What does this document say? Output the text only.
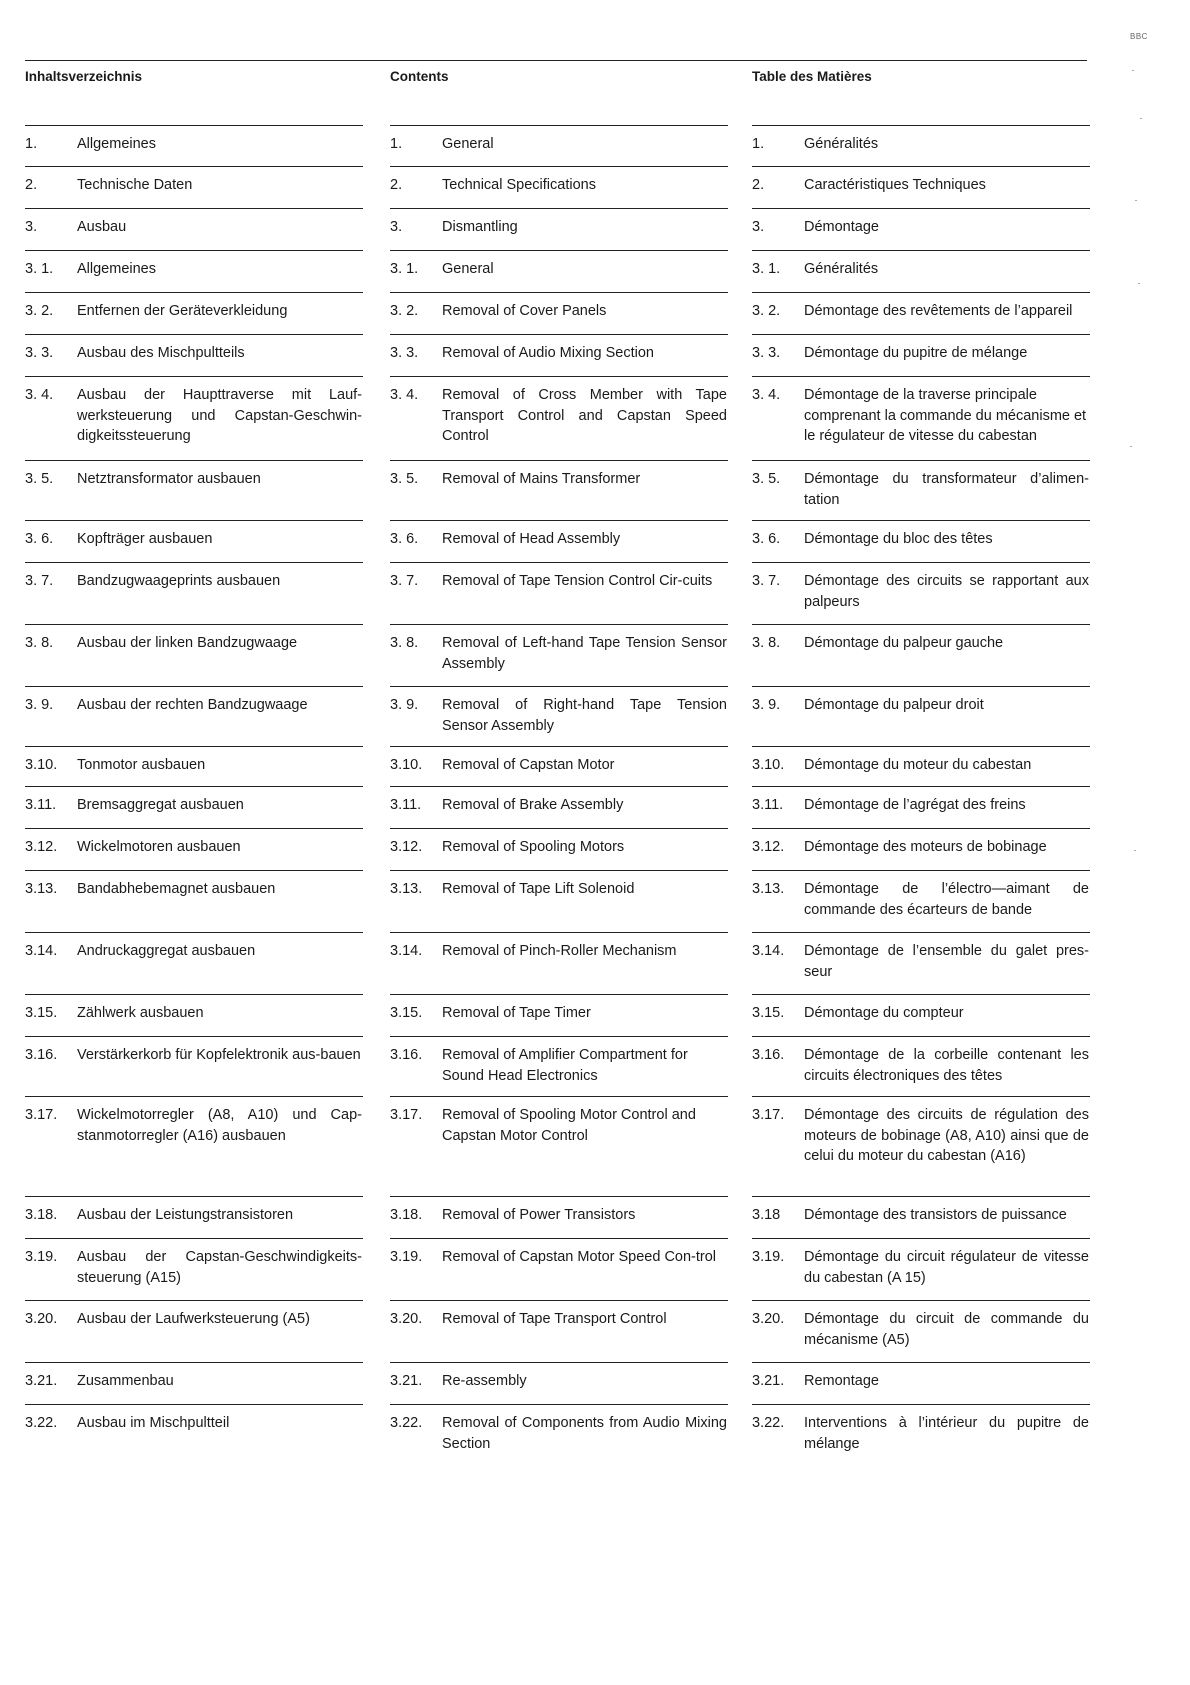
BBC
Inhaltsverzeichnis
1.	Allgemeines
2.	Technische Daten
3.	Ausbau
3. 1.	Allgemeines
3. 2.	Entfernen der Geräteverkleidung
3. 3.	Ausbau des Mischpultteils
3. 4.	Ausbau der Haupttraverse mit Lauf-werksteuerung und Capstan-Geschwin-digkeitssteuerung
3. 5.	Netztransformator ausbauen
3. 6.	Kopfträger ausbauen
3. 7.	Bandzugwaageprints ausbauen
3. 8.	Ausbau der linken Bandzugwaage
3. 9.	Ausbau der rechten Bandzugwaage
3.10.	Tonmotor ausbauen
3.11.	Bremsaggregat ausbauen
3.12.	Wickelmotoren ausbauen
3.13.	Bandabhebemagnet ausbauen
3.14.	Andruckaggregat ausbauen
3.15.	Zählwerk ausbauen
3.16.	Verstärkerkorb für Kopfelektronik aus-bauen
3.17.	Wickelmotorregler (A8, A10) und Cap-stanmotorregler (A16) ausbauen
3.18.	Ausbau der Leistungstransistoren
3.19.	Ausbau der Capstan-Geschwindigkeits-steuerung (A15)
3.20.	Ausbau der Laufwerksteuerung (A5)
3.21.	Zusammenbau
3.22.	Ausbau im Mischpultteil
Contents
1.	General
2.	Technical Specifications
3.	Dismantling
3. 1.	General
3. 2.	Removal of Cover Panels
3. 3.	Removal of Audio Mixing Section
3. 4.	Removal of Cross Member with Tape Transport Control and Capstan Speed Control
3. 5.	Removal of Mains Transformer
3. 6.	Removal of Head Assembly
3. 7.	Removal of Tape Tension Control Cir-cuits
3. 8.	Removal of Left-hand Tape Tension Sensor Assembly
3. 9.	Removal of Right-hand Tape Tension Sensor Assembly
3.10.	Removal of Capstan Motor
3.11.	Removal of Brake Assembly
3.12.	Removal of Spooling Motors
3.13.	Removal of Tape Lift Solenoid
3.14.	Removal of Pinch-Roller Mechanism
3.15.	Removal of Tape Timer
3.16.	Removal of Amplifier Compartment for Sound Head Electronics
3.17.	Removal of Spooling Motor Control and Capstan Motor Control
3.18.	Removal of Power Transistors
3.19.	Removal of Capstan Motor Speed Con-trol
3.20.	Removal of Tape Transport Control
3.21.	Re-assembly
3.22.	Removal of Components from Audio Mixing Section
Table des Matières
1.	Généralités
2.	Caractéristiques Techniques
3.	Démontage
3. 1.	Généralités
3. 2.	Démontage des revêtements de l’appareil
3. 3.	Démontage du pupitre de mélange
3. 4.	Démontage de la traverse principale comprenant la commande du mécanisme et le régulateur de vitesse du cabestan
3. 5.	Démontage du transformateur d’alimen-tation
3. 6.	Démontage du bloc des têtes
3. 7.	Démontage des circuits se rapportant aux palpeurs
3. 8.	Démontage du palpeur gauche
3. 9.	Démontage du palpeur droit
3.10.	Démontage du moteur du cabestan
3.11.	Démontage de l’agrégat des freins
3.12.	Démontage des moteurs de bobinage
3.13.	Démontage de l’électro—aimant de commande des écarteurs de bande
3.14.	Démontage de l’ensemble du galet pres-seur
3.15.	Démontage du compteur
3.16.	Démontage de la corbeille contenant les circuits électroniques des têtes
3.17.	Démontage des circuits de régulation des moteurs de bobinage (A8, A10) ainsi que de celui du moteur du cabestan (A16)
3.18	Démontage des transistors de puissance
3.19.	Démontage du circuit régulateur de vitesse du cabestan (A 15)
3.20.	Démontage du circuit de commande du mécanisme (A5)
3.21.	Remontage
3.22.	Interventions à l’intérieur du pupitre de mélange
